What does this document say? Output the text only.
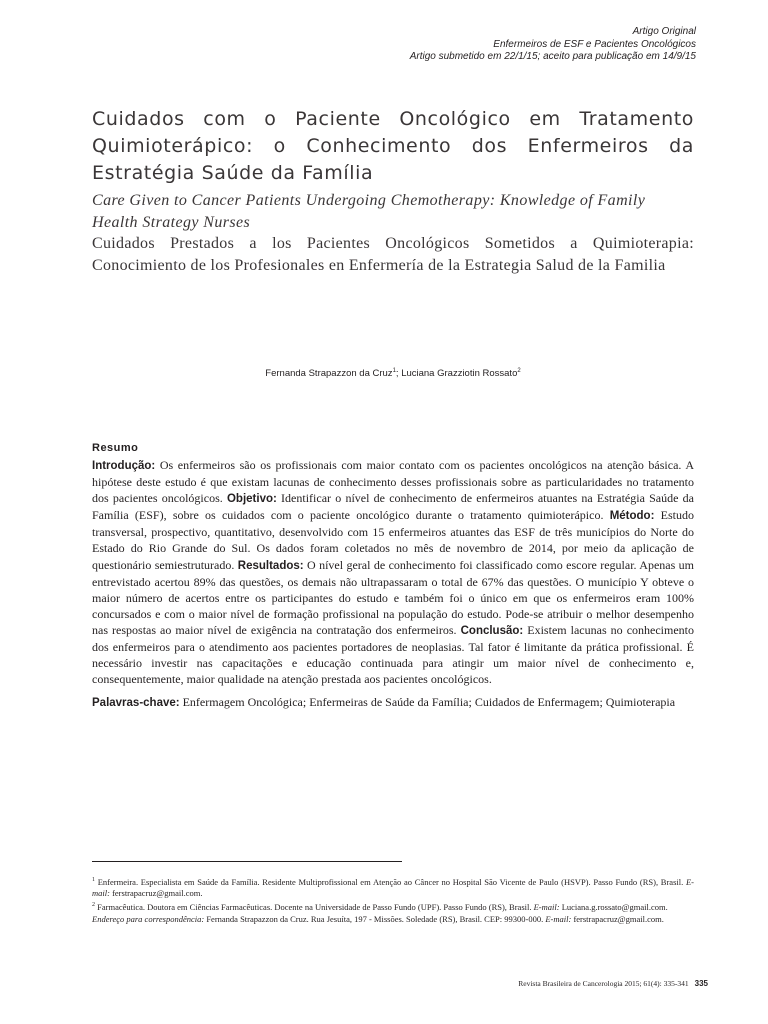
Artigo Original
Enfermeiros de ESF e Pacientes Oncológicos
Artigo submetido em 22/1/15; aceito para publicação em 14/9/15
Cuidados com o Paciente Oncológico em Tratamento Quimioterápico: o Conhecimento dos Enfermeiros da Estratégia Saúde da Família
Care Given to Cancer Patients Undergoing Chemotherapy: Knowledge of Family Health Strategy Nurses
Cuidados Prestados a los Pacientes Oncológicos Sometidos a Quimioterapia: Conocimiento de los Profesionales en Enfermería de la Estrategia Salud de la Familia
Fernanda Strapazzon da Cruz$^1$; Luciana Grazziotin Rossato$^2$
Resumo
Introdução: Os enfermeiros são os profissionais com maior contato com os pacientes oncológicos na atenção básica. A hipótese deste estudo é que existam lacunas de conhecimento desses profissionais sobre as particularidades no tratamento dos pacientes oncológicos. Objetivo: Identificar o nível de conhecimento de enfermeiros atuantes na Estratégia Saúde da Família (ESF), sobre os cuidados com o paciente oncológico durante o tratamento quimioterápico. Método: Estudo transversal, prospectivo, quantitativo, desenvolvido com 15 enfermeiros atuantes das ESF de três municípios do Norte do Estado do Rio Grande do Sul. Os dados foram coletados no mês de novembro de 2014, por meio da aplicação de questionário semiestruturado. Resultados: O nível geral de conhecimento foi classificado como escore regular. Apenas um entrevistado acertou 89% das questões, os demais não ultrapassaram o total de 67% das questões. O município Y obteve o maior número de acertos entre os participantes do estudo e também foi o único em que os enfermeiros eram 100% concursados e com o maior nível de formação profissional na população do estudo. Pode-se atribuir o melhor desempenho nas respostas ao maior nível de exigência na contratação dos enfermeiros. Conclusão: Existem lacunas no conhecimento dos enfermeiros para o atendimento aos pacientes portadores de neoplasias. Tal fator é limitante da prática profissional. É necessário investir nas capacitações e educação continuada para atingir um maior nível de conhecimento e, consequentemente, maior qualidade na atenção prestada aos pacientes oncológicos.
Palavras-chave: Enfermagem Oncológica; Enfermeiras de Saúde da Família; Cuidados de Enfermagem; Quimioterapia

$^1$ Enfermeira. Especialista em Saúde da Família. Residente Multiprofissional em Atenção ao Câncer no Hospital São Vicente de Paulo (HSVP). Passo Fundo (RS), Brasil. E-mail: ferstrapacruz@gmail.com.

$^2$ Farmacêutica. Doutora em Ciências Farmacêuticas. Docente na Universidade de Passo Fundo (UPF). Passo Fundo (RS), Brasil. E-mail: Luciana.g.rossato@gmail.com.

Endereço para correspondência: Fernanda Strapazzon da Cruz. Rua Jesuíta, 197 - Missões. Soledade (RS), Brasil. CEP: 99300-000. E-mail: ferstrapacruz@gmail.com.

Revista Brasileira de Cancerologia 2015; 61(4): 335-341 335
